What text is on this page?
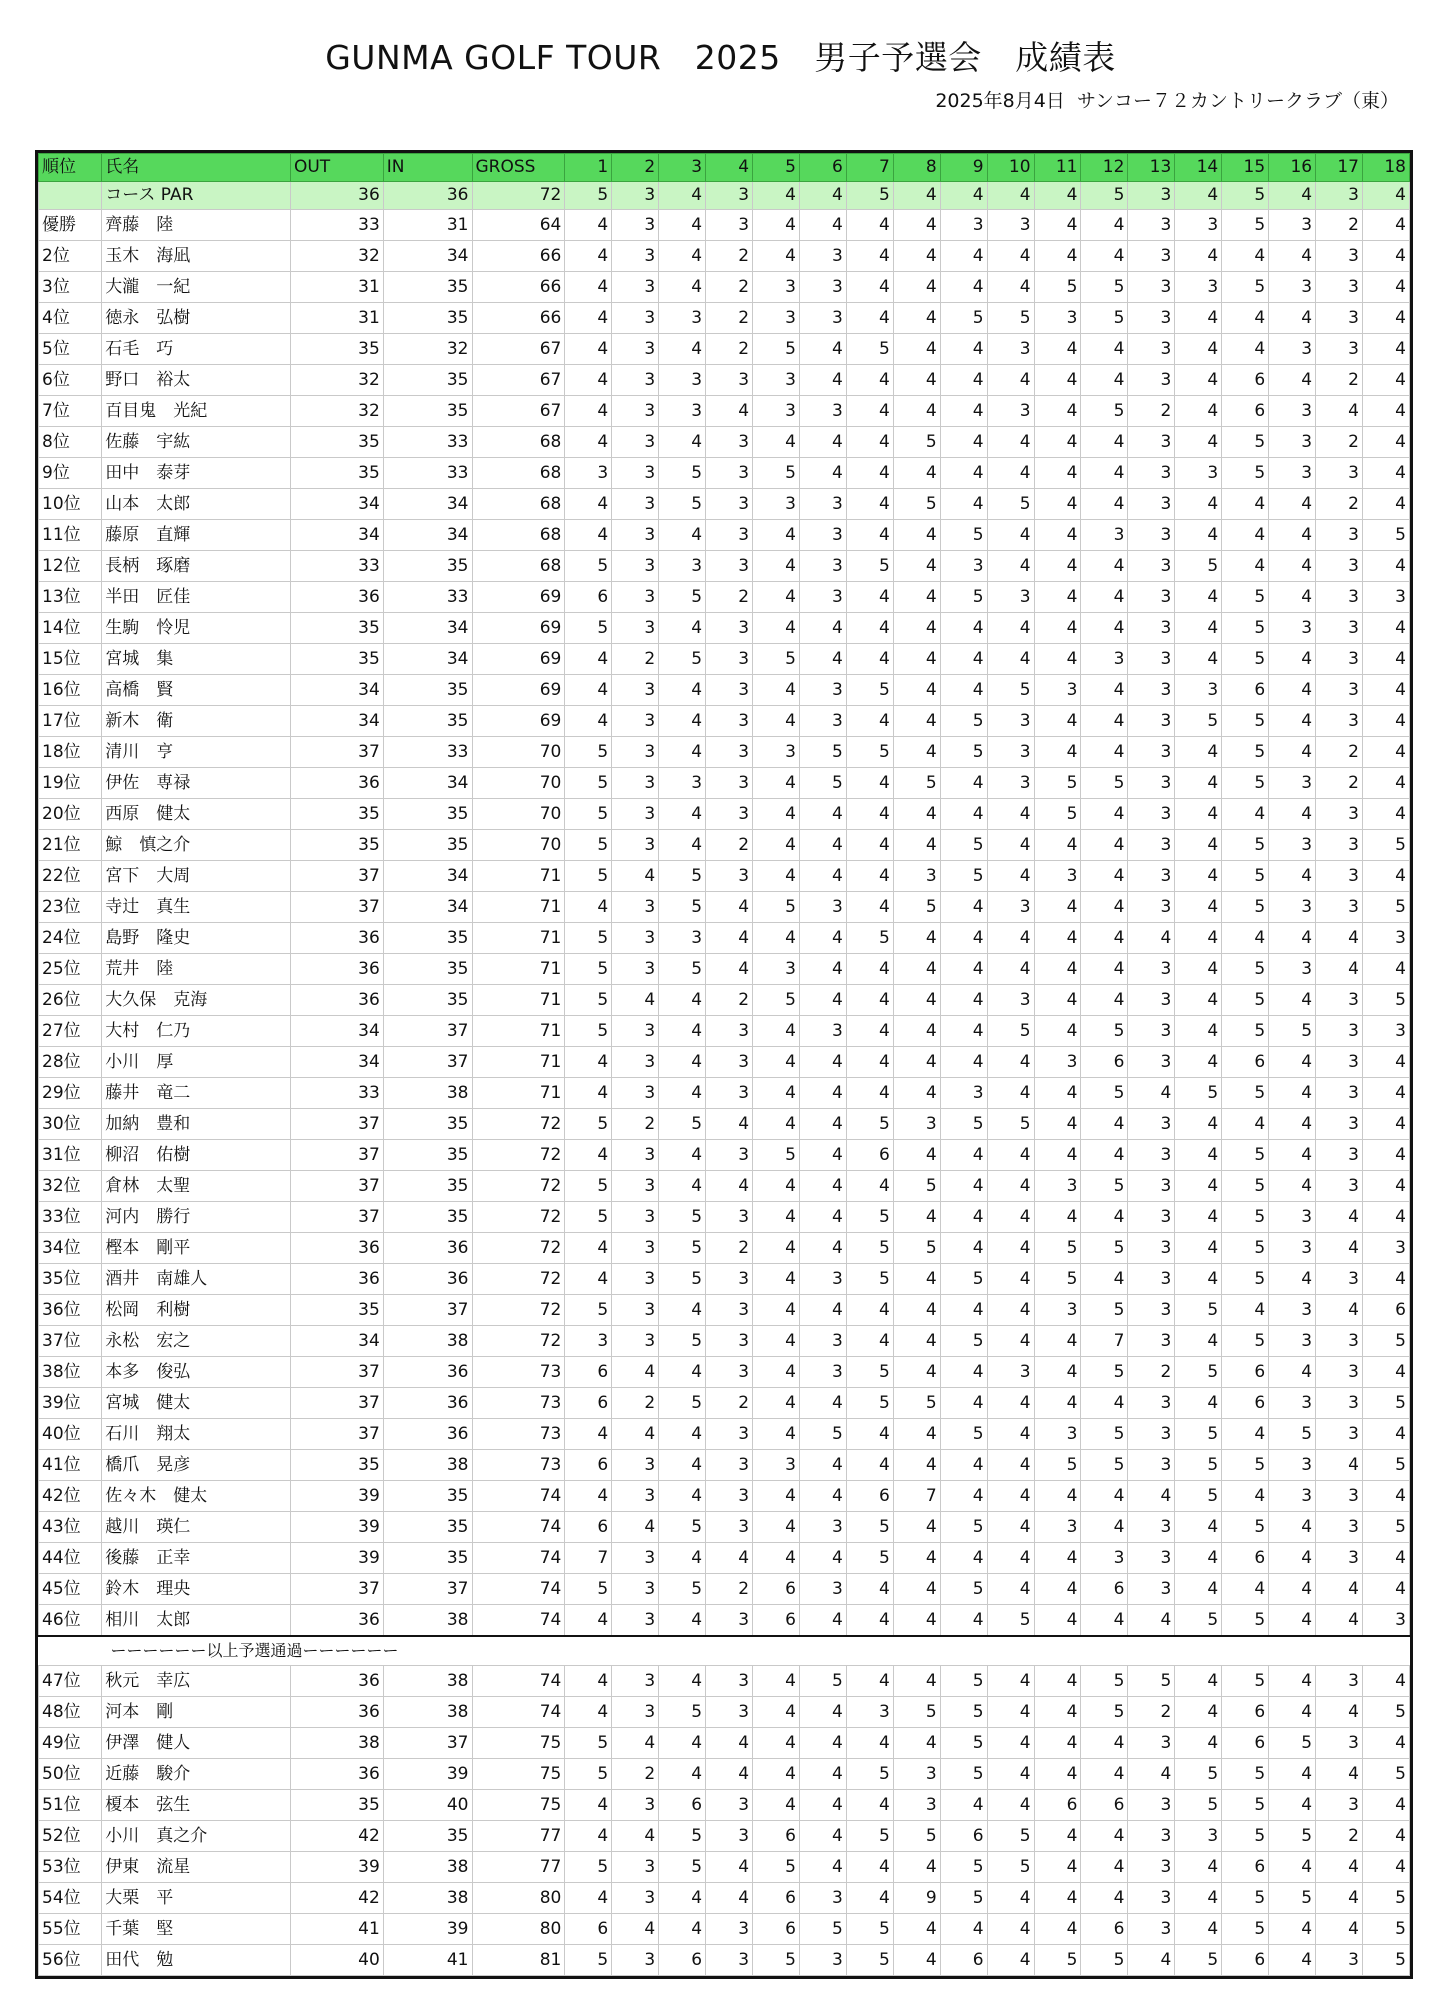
GUNMA GOLF TOUR　2025　男子予選会　成績表
2025年8月4日  サンコー７２カントリークラブ（東）
順位	氏名	OUT	IN	GROSS	1	2	3	4	5	6	7	8	9	10	11	12	13	14	15	16	17	18
	コース PAR	36	36	72	5	3	4	3	4	4	5	4	4	4	4	5	3	4	5	4	3	4
優勝	齊藤　陸	33	31	64	4	3	4	3	4	4	4	4	3	3	4	4	3	3	5	3	2	4
2位	玉木　海凪	32	34	66	4	3	4	2	4	3	4	4	4	4	4	4	3	4	4	4	3	4
3位	大瀧　一紀	31	35	66	4	3	4	2	3	3	4	4	4	4	5	5	3	3	5	3	3	4
4位	徳永　弘樹	31	35	66	4	3	3	2	3	3	4	4	5	5	3	5	3	4	4	4	3	4
5位	石毛　巧	35	32	67	4	3	4	2	5	4	5	4	4	3	4	4	3	4	4	3	3	4
6位	野口　裕太	32	35	67	4	3	3	3	3	4	4	4	4	4	4	4	3	4	6	4	2	4
7位	百目鬼　光紀	32	35	67	4	3	3	4	3	3	4	4	4	3	4	5	2	4	6	3	4	4
8位	佐藤　宇紘	35	33	68	4	3	4	3	4	4	4	5	4	4	4	4	3	4	5	3	2	4
9位	田中　泰芽	35	33	68	3	3	5	3	5	4	4	4	4	4	4	4	3	3	5	3	3	4
10位	山本　太郎	34	34	68	4	3	5	3	3	3	4	5	4	5	4	4	3	4	4	4	2	4
11位	藤原　直輝	34	34	68	4	3	4	3	4	3	4	4	5	4	4	3	3	4	4	4	3	5
12位	長柄　琢磨	33	35	68	5	3	3	3	4	3	5	4	3	4	4	4	3	5	4	4	3	4
13位	半田　匠佳	36	33	69	6	3	5	2	4	3	4	4	5	3	4	4	3	4	5	4	3	3
14位	生駒　怜児	35	34	69	5	3	4	3	4	4	4	4	4	4	4	4	3	4	5	3	3	4
15位	宮城　集	35	34	69	4	2	5	3	5	4	4	4	4	4	4	3	3	4	5	4	3	4
16位	高橋　賢	34	35	69	4	3	4	3	4	3	5	4	4	5	3	4	3	3	6	4	3	4
17位	新木　衛	34	35	69	4	3	4	3	4	3	4	4	5	3	4	4	3	5	5	4	3	4
18位	清川　亨	37	33	70	5	3	4	3	3	5	5	4	5	3	4	4	3	4	5	4	2	4
19位	伊佐　専禄	36	34	70	5	3	3	3	4	5	4	5	4	3	5	5	3	4	5	3	2	4
20位	西原　健太	35	35	70	5	3	4	3	4	4	4	4	4	4	5	4	3	4	4	4	3	4
21位	鯨　慎之介	35	35	70	5	3	4	2	4	4	4	4	5	4	4	4	3	4	5	3	3	5
22位	宮下　大周	37	34	71	5	4	5	3	4	4	4	3	5	4	3	4	3	4	5	4	3	4
23位	寺辻　真生	37	34	71	4	3	5	4	5	3	4	5	4	3	4	4	3	4	5	3	3	5
24位	島野　隆史	36	35	71	5	3	3	4	4	4	5	4	4	4	4	4	4	4	4	4	4	3
25位	荒井　陸	36	35	71	5	3	5	4	3	4	4	4	4	4	4	4	3	4	5	3	4	4
26位	大久保　克海	36	35	71	5	4	4	2	5	4	4	4	4	3	4	4	3	4	5	4	3	5
27位	大村　仁乃	34	37	71	5	3	4	3	4	3	4	4	4	5	4	5	3	4	5	5	3	3
28位	小川　厚	34	37	71	4	3	4	3	4	4	4	4	4	4	3	6	3	4	6	4	3	4
29位	藤井　竜二	33	38	71	4	3	4	3	4	4	4	4	3	4	4	5	4	5	5	4	3	4
30位	加納　豊和	37	35	72	5	2	5	4	4	4	5	3	5	5	4	4	3	4	4	4	3	4
31位	柳沼　佑樹	37	35	72	4	3	4	3	5	4	6	4	4	4	4	4	3	4	5	4	3	4
32位	倉林　太聖	37	35	72	5	3	4	4	4	4	4	5	4	4	3	5	3	4	5	4	3	4
33位	河内　勝行	37	35	72	5	3	5	3	4	4	5	4	4	4	4	4	3	4	5	3	4	4
34位	樫本　剛平	36	36	72	4	3	5	2	4	4	5	5	4	4	5	5	3	4	5	3	4	3
35位	酒井　南雄人	36	36	72	4	3	5	3	4	3	5	4	5	4	5	4	3	4	5	4	3	4
36位	松岡　利樹	35	37	72	5	3	4	3	4	4	4	4	4	4	3	5	3	5	4	3	4	6
37位	永松　宏之	34	38	72	3	3	5	3	4	3	4	4	5	4	4	7	3	4	5	3	3	5
38位	本多　俊弘	37	36	73	6	4	4	3	4	3	5	4	4	3	4	5	2	5	6	4	3	4
39位	宮城　健太	37	36	73	6	2	5	2	4	4	5	5	4	4	4	4	3	4	6	3	3	5
40位	石川　翔太	37	36	73	4	4	4	3	4	5	4	4	5	4	3	5	3	5	4	5	3	4
41位	橋爪　晃彦	35	38	73	6	3	4	3	3	4	4	4	4	4	5	5	3	5	5	3	4	5
42位	佐々木　健太	39	35	74	4	3	4	3	4	4	6	7	4	4	4	4	4	5	4	3	3	4
43位	越川　瑛仁	39	35	74	6	4	5	3	4	3	5	4	5	4	3	4	3	4	5	4	3	5
44位	後藤　正幸	39	35	74	7	3	4	4	4	4	5	4	4	4	4	3	3	4	6	4	3	4
45位	鈴木　理央	37	37	74	5	3	5	2	6	3	4	4	5	4	4	6	3	4	4	4	4	4
46位	相川　太郎	36	38	74	4	3	4	3	6	4	4	4	4	5	4	4	4	5	5	4	4	3
ーーーーーー以上予選通過ーーーーーー																						
47位	秋元　幸広	36	38	74	4	3	4	3	4	5	4	4	5	4	4	5	5	4	5	4	3	4
48位	河本　剛	36	38	74	4	3	5	3	4	4	3	5	5	4	4	5	2	4	6	4	4	5
49位	伊澤　健人	38	37	75	5	4	4	4	4	4	4	4	5	4	4	4	3	4	6	5	3	4
50位	近藤　駿介	36	39	75	5	2	4	4	4	4	5	3	5	4	4	4	4	5	5	4	4	5
51位	榎本　弦生	35	40	75	4	3	6	3	4	4	4	3	4	4	6	6	3	5	5	4	3	4
52位	小川　真之介	42	35	77	4	4	5	3	6	4	5	5	6	5	4	4	3	3	5	5	2	4
53位	伊東　流星	39	38	77	5	3	5	4	5	4	4	4	5	5	4	4	3	4	6	4	4	4
54位	大栗　平	42	38	80	4	3	4	4	6	3	4	9	5	4	4	4	3	4	5	5	4	5
55位	千葉　堅	41	39	80	6	4	4	3	6	5	5	4	4	4	4	6	3	4	5	4	4	5
56位	田代　勉	40	41	81	5	3	6	3	5	3	5	4	6	4	5	5	4	5	6	4	3	5
